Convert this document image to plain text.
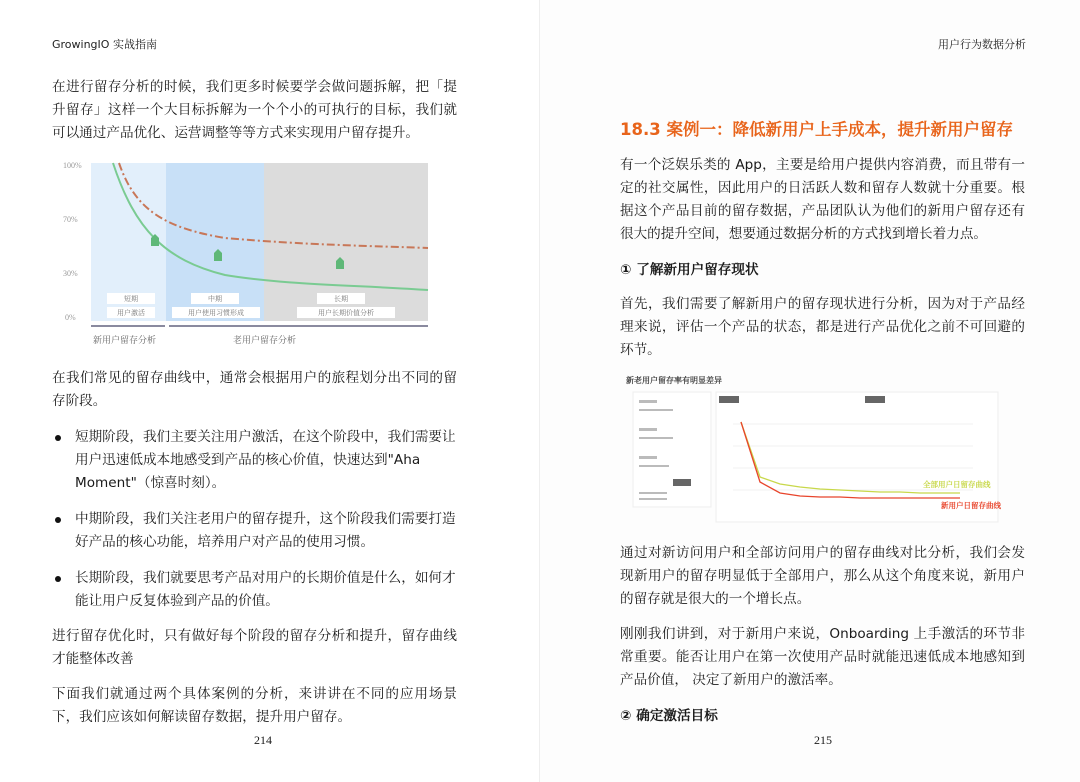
GrowingIO 实战指南
在进行留存分析的时候，我们更多时候要学会做问题拆解，把「提升留存」这样一个大目标拆解为一个个小的可执行的目标，我们就可以通过产品优化、运营调整等等方式来实现用户留存提升。
100%
70%
30%
0%
短期
用户激活
中期
用户使用习惯形成
长期
用户长期价值分析
新用户留存分析	老用户留存分析
在我们常见的留存曲线中，通常会根据用户的旅程划分出不同的留存阶段。
短期阶段，我们主要关注用户激活，在这个阶段中，我们需要让用户迅速低成本地感受到产品的核心价值，快速达到"Aha Moment"（惊喜时刻）。
中期阶段，我们关注老用户的留存提升，这个阶段我们需要打造好产品的核心功能，培养用户对产品的使用习惯。
长期阶段，我们就要思考产品对用户的长期价值是什么，如何才能让用户反复体验到产品的价值。
进行留存优化时，只有做好每个阶段的留存分析和提升，留存曲线才能整体改善
下面我们就通过两个具体案例的分析，来讲讲在不同的应用场景下，我们应该如何解读留存数据，提升用户留存。
214
用户行为数据分析
18.3 案例一：降低新用户上手成本，提升新用户留存
有一个泛娱乐类的 App，主要是给用户提供内容消费，而且带有一定的社交属性，因此用户的日活跃人数和留存人数就十分重要。根据这个产品目前的留存数据，产品团队认为他们的新用户留存还有很大的提升空间，想要通过数据分析的方式找到增长着力点。
① 了解新用户留存现状
首先，我们需要了解新用户的留存现状进行分析，因为对于产品经理来说，评估一个产品的状态，都是进行产品优化之前不可回避的环节。
新老用户留存率有明显差异
全部用户日留存曲线
新用户日留存曲线
通过对新访问用户和全部访问用户的留存曲线对比分析，我们会发现新用户的留存明显低于全部用户，那么从这个角度来说，新用户的留存就是很大的一个增长点。
刚刚我们讲到，对于新用户来说，Onboarding 上手激活的环节非常重要。能否让用户在第一次使用产品时就能迅速低成本地感知到产品价值， 决定了新用户的激活率。
② 确定激活目标
215
